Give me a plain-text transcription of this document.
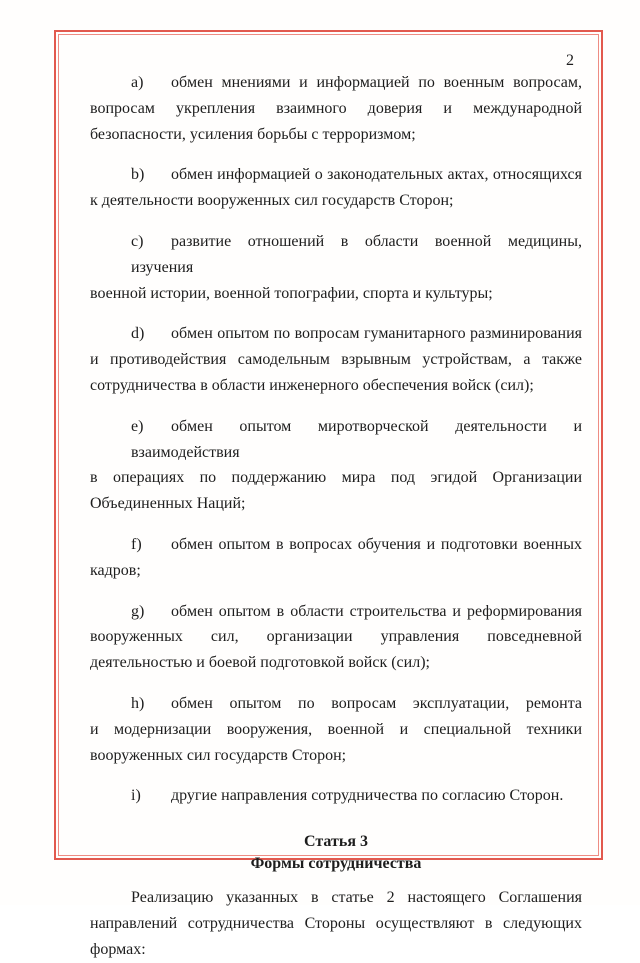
2
a) обмен мнениями и информацией по военным вопросам,
вопросам укрепления взаимного доверия и международной безопасности, усиления борьбы с терроризмом;
b) обмен информацией о законодательных актах, относящихся
к деятельности вооруженных сил государств Сторон;
c) развитие отношений в области военной медицины, изучения
военной истории, военной топографии, спорта и культуры;
d) обмен опытом по вопросам гуманитарного разминирования
и противодействия самодельным взрывным устройствам, а также сотрудничества в области инженерного обеспечения войск (сил);
e) обмен опытом миротворческой деятельности и взаимодействия
в операциях по поддержанию мира под эгидой Организации Объединенных Наций;
f) обмен опытом в вопросах обучения и подготовки военных
кадров;
g) обмен опытом в области строительства и реформирования
вооруженных сил, организации управления повседневной деятельностью и боевой подготовкой войск (сил);
h) обмен опытом по вопросам эксплуатации, ремонта
и модернизации вооружения, военной и специальной техники вооруженных сил государств Сторон;
i) другие направления сотрудничества по согласию Сторон.
Статья 3
Формы сотрудничества
Реализацию указанных в статье 2 настоящего Соглашения
направлений сотрудничества Стороны осуществляют в следующих
формах:
